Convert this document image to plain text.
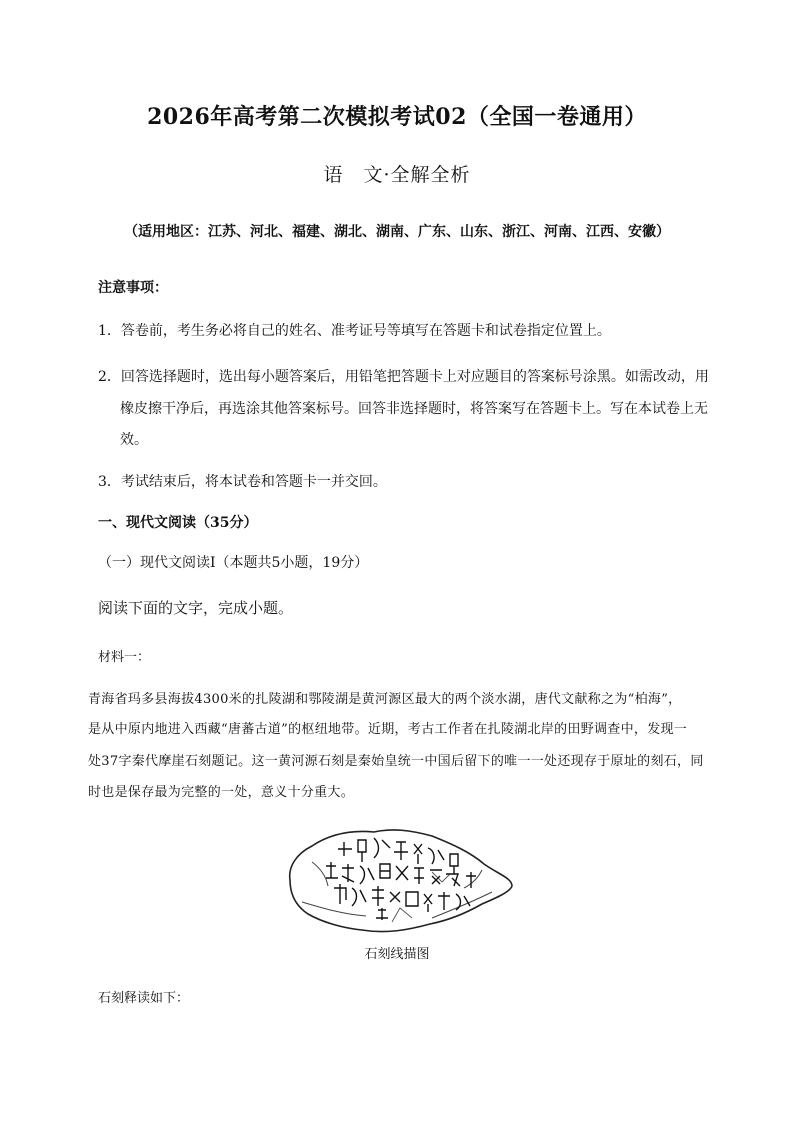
2026年高考第二次模拟考试02（全国一卷通用）
语　文·全解全析
（适用地区：江苏、河北、福建、湖北、湖南、广东、山东、浙江、河南、江西、安徽）
注意事项：
1．答卷前，考生务必将自己的姓名、准考证号等填写在答题卡和试卷指定位置上。
2．回答选择题时，选出每小题答案后，用铅笔把答题卡上对应题目的答案标号涂黑。如需改动，用
橡皮擦干净后，再选涂其他答案标号。回答非选择题时，将答案写在答题卡上。写在本试卷上无
效。
3．考试结束后，将本试卷和答题卡一并交回。
一、现代文阅读（35分）
（一）现代文阅读Ⅰ（本题共5小题，19分）
阅读下面的文字，完成小题。
材料一：
青海省玛多县海拔4300米的扎陵湖和鄂陵湖是黄河源区最大的两个淡水湖，唐代文献称之为“柏海”，
是从中原内地进入西藏“唐蕃古道”的枢纽地带。近期，考古工作者在扎陵湖北岸的田野调查中，发现一
处37字秦代摩崖石刻题记。这一黄河源石刻是秦始皇统一中国后留下的唯一一处还现存于原址的刻石，同
时也是保存最为完整的一处，意义十分重大。
石刻线描图
石刻释读如下：
